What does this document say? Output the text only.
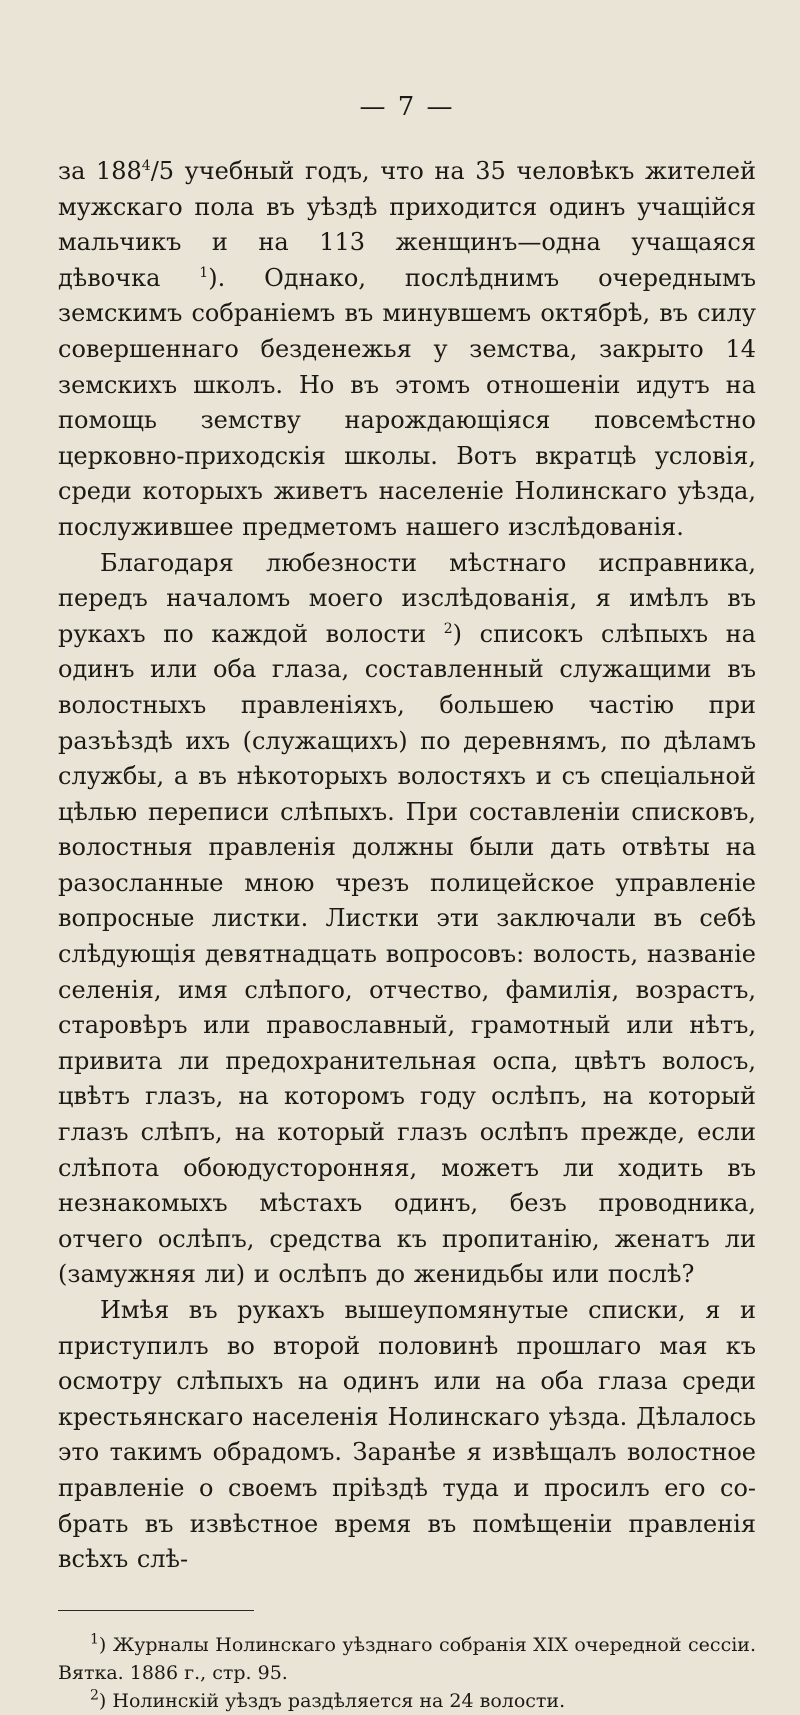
— 7 —

за $188^4/5$ учебный годъ, что на 35 человѣкъ жителей мужскаго пола въ уѣздѣ приходится одинъ учащійся мальчикъ и на 113 женщинъ—одна учащаяся дѣвочка $^1$). Однако, послѣднимъ очереднымъ земскимъ собраніемъ въ минувшемъ октябрѣ, въ силу совершеннаго безденежья у земства, закрыто 14 земскихъ школъ. Но въ этомъ отношеніи идутъ на помощь земству нарождающіяся повсемѣстно церковно-приходскія школы. Вотъ вкратцѣ условія, среди которыхъ живетъ населеніе Нолинскаго уѣзда, послужившее предметомъ нашего изслѣдованія.

Благодаря любезности мѣстнаго исправника, передъ началомъ моего изслѣдованія, я имѣлъ въ рукахъ по каждой волости $^2$) списокъ слѣпыхъ на одинъ или оба глаза, составленный служащими въ волостныхъ правленіяхъ, большею частію при разъѣздѣ ихъ (служащихъ) по деревнямъ, по дѣламъ службы, а въ нѣкоторыхъ волостяхъ и съ спеціальной цѣлью переписи слѣпыхъ. При составленіи списковъ, волостныя правленія должны были дать отвѣты на разосланные мною чрезъ полицейское управленіе вопросные листки. Листки эти заключали въ себѣ слѣдующія девятнадцать вопросовъ: волость, названіе селенія, имя слѣпого, отчество, фамилія, возрастъ, старовѣръ или православный, грамотный или нѣтъ, привита ли предохранительная оспа, цвѣтъ волосъ, цвѣтъ глазъ, на которомъ году ослѣпъ, на который глазъ слѣпъ, на который глазъ ослѣпъ прежде, если слѣпота обоюдусторонняя, можетъ ли ходить въ незнакомыхъ мѣстахъ одинъ, безъ проводника, отчего ослѣпъ, средства къ пропитанію, женатъ ли (замужняя ли) и ослѣпъ до женидьбы или послѣ?

Имѣя въ рукахъ вышеупомянутые списки, я и приступилъ во второй половинѣ прошлаго мая къ осмотру слѣпыхъ на одинъ или на оба глаза среди крестьянскаго населенія Нолинскаго уѣзда. Дѣлалось это такимъ обрадомъ. Заранѣе я извѣщалъ волостное правленіе о своемъ пріѣздѣ туда и просилъ его собрать въ извѣстное время въ помѣщеніи правленія всѣхъ слѣ-

$^1$) Журналы Нолинскаго уѣзднаго собранія XIX очередной сессіи. Вятка. 1886 г., стр. 95.

$^2$) Нолинскій уѣздъ раздѣляется на 24 волости.
